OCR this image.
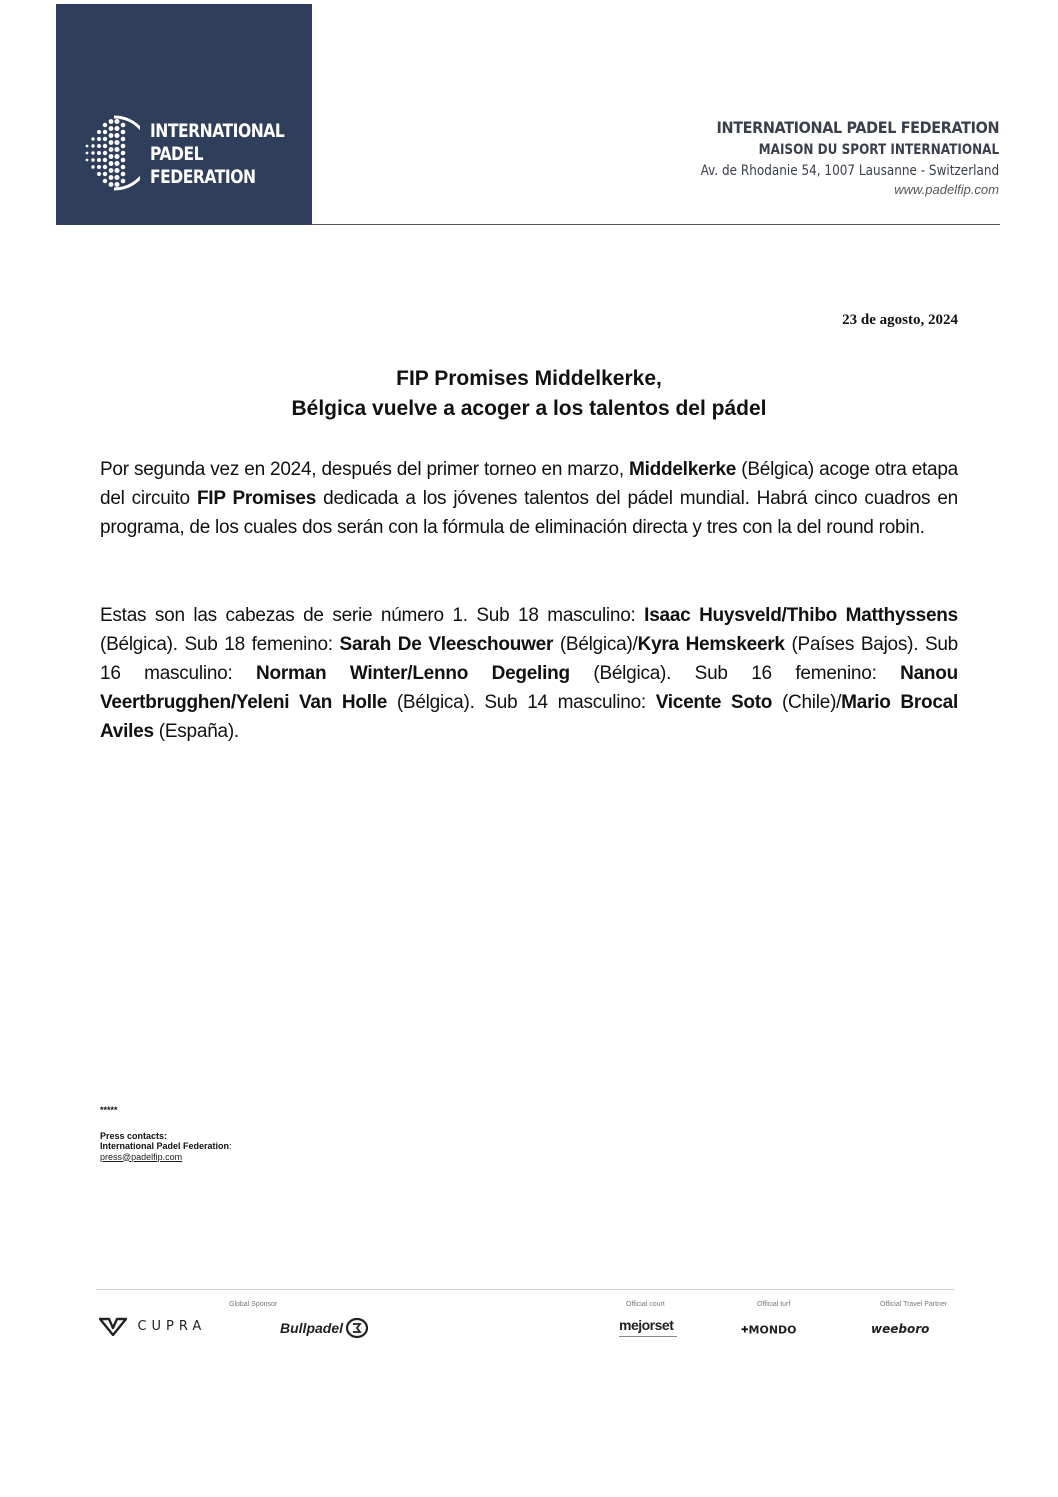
INTERNATIONAL
PADEL
FEDERATION
INTERNATIONAL PADEL FEDERATION
MAISON DU SPORT INTERNATIONAL
Av. de Rhodanie 54, 1007 Lausanne - Switzerland
www.padelfip.com
23 de agosto, 2024
FIP Promises Middelkerke,
Bélgica vuelve a acoger a los talentos del pádel
Por segunda vez en 2024, después del primer torneo en marzo, Middelkerke (Bélgica) acoge otra etapa del circuito FIP Promises dedicada a los jóvenes talentos del pádel mundial. Habrá cinco cuadros en programa, de los cuales dos serán con la fórmula de eliminación directa y tres con la del round robin.
Estas son las cabezas de serie número 1. Sub 18 masculino: Isaac Huysveld/Thibo Matthyssens (Bélgica). Sub 18 femenino: Sarah De Vleeschouwer (Bélgica)/Kyra Hemskeerk (Países Bajos). Sub 16 masculino: Norman Winter/Lenno Degeling (Bélgica). Sub 16 femenino: Nanou Veertbrugghen/Yeleni Van Holle (Bélgica). Sub 14 masculino: Vicente Soto (Chile)/Mario Brocal Aviles (España).
*****
Press contacts:
International Padel Federation:
press@padelfip.com
Global Sponsor	Official court	Official turf	Official Travel Partner
CUPRA	Bullpadel	mejorset	✚MONDO	weeboro
